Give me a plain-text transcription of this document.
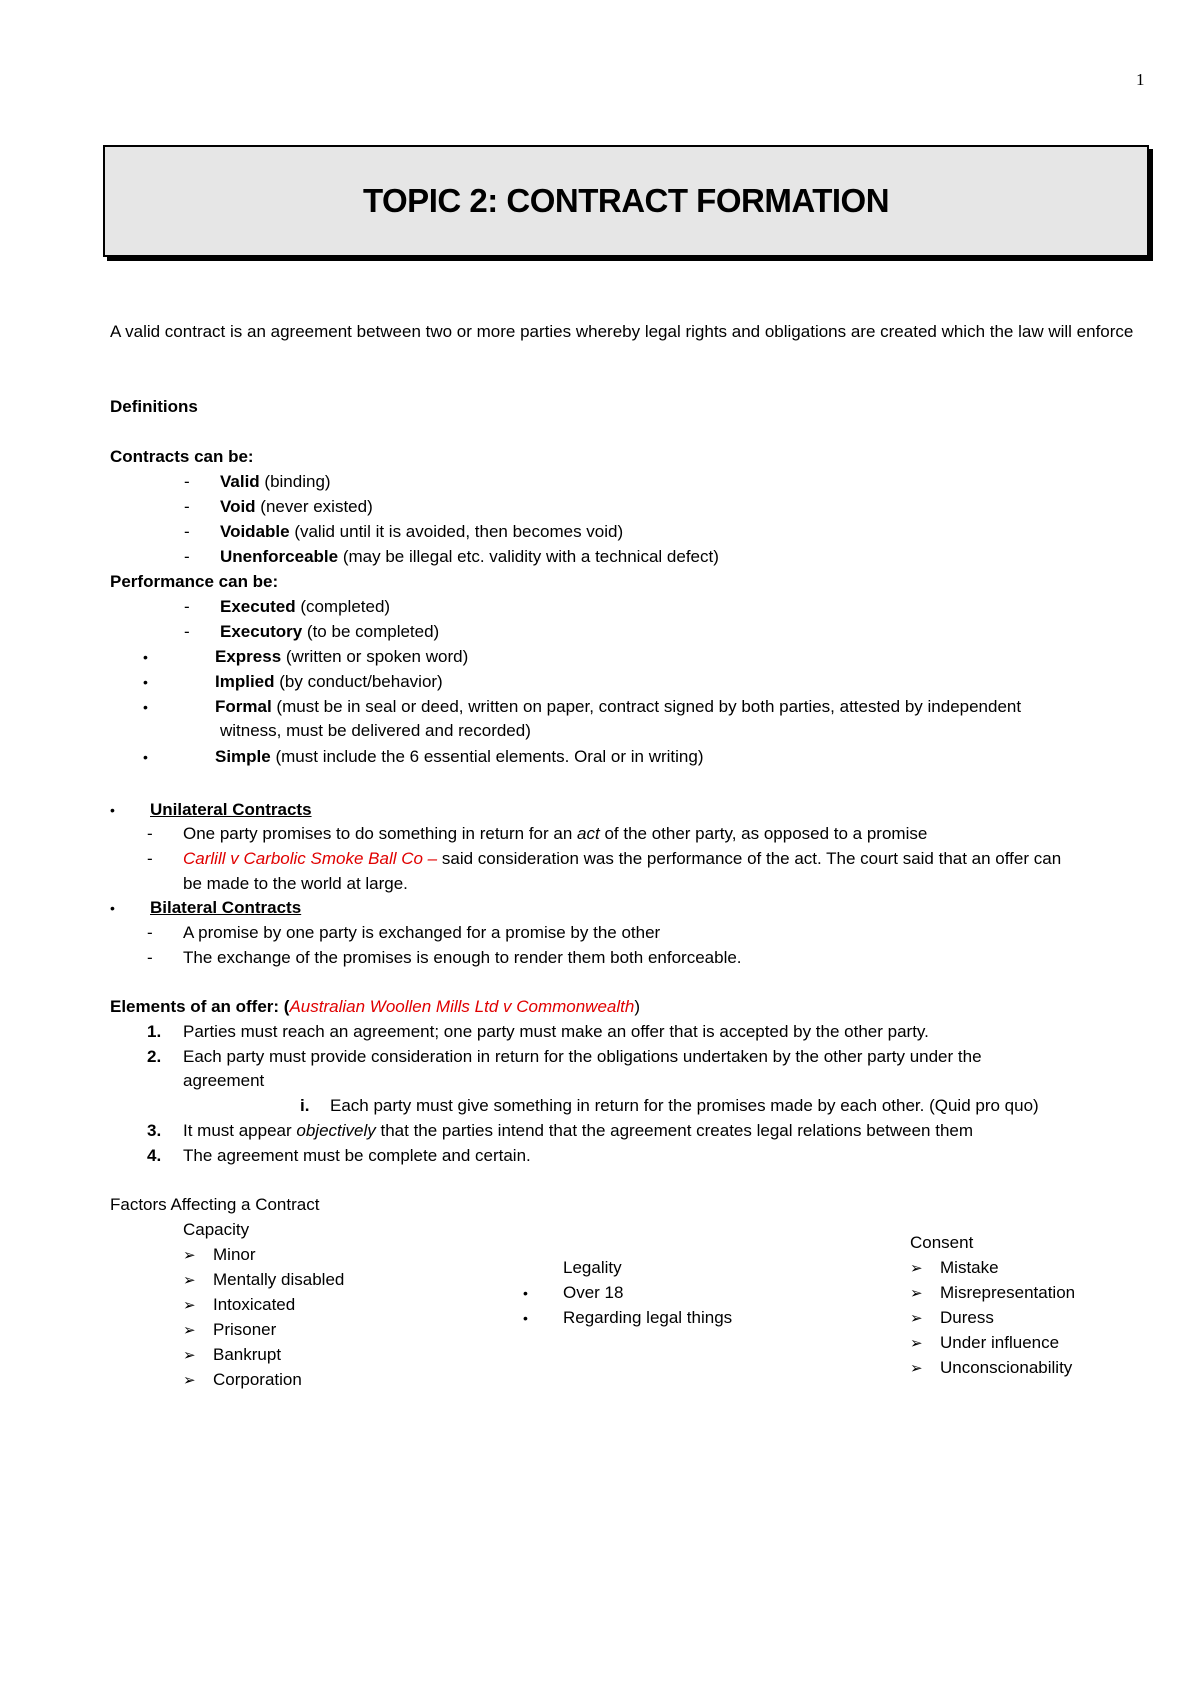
1
TOPIC 2: CONTRACT FORMATION
A valid contract is an agreement between two or more parties whereby legal rights and obligations are created which the law will enforce
Definitions
Contracts can be:
- Valid (binding)
- Void (never existed)
- Voidable (valid until it is avoided, then becomes void)
- Unenforceable (may be illegal etc. validity with a technical defect)
Performance can be:
- Executed (completed)
- Executory (to be completed)
•	Express (written or spoken word)
•	Implied (by conduct/behavior)
•	Formal (must be in seal or deed, written on paper, contract signed by both parties, attested by independent
witness, must be delivered and recorded)
•	Simple (must include the 6 essential elements. Oral or in writing)
• Unilateral Contracts
- One party promises to do something in return for an act of the other party, as opposed to a promise
- Carlill v Carbolic Smoke Ball Co – said consideration was the performance of the act. The court said that an offer can
be made to the world at large.
• Bilateral Contracts
- A promise by one party is exchanged for a promise by the other
- The exchange of the promises is enough to render them both enforceable.
Elements of an offer: (Australian Woollen Mills Ltd v Commonwealth)
1. Parties must reach an agreement; one party must make an offer that is accepted by the other party.
2. Each party must provide consideration in return for the obligations undertaken by the other party under the
agreement
i. Each party must give something in return for the promises made by each other. (Quid pro quo)
3. It must appear objectively that the parties intend that the agreement creates legal relations between them
4. The agreement must be complete and certain.
Factors Affecting a Contract
Capacity
➢ Minor
➢ Mentally disabled
➢ Intoxicated
➢ Prisoner
➢ Bankrupt
➢ Corporation
Legality
• Over 18
• Regarding legal things
Consent
➢ Mistake
➢ Misrepresentation
➢ Duress
➢ Under influence
➢ Unconscionability
